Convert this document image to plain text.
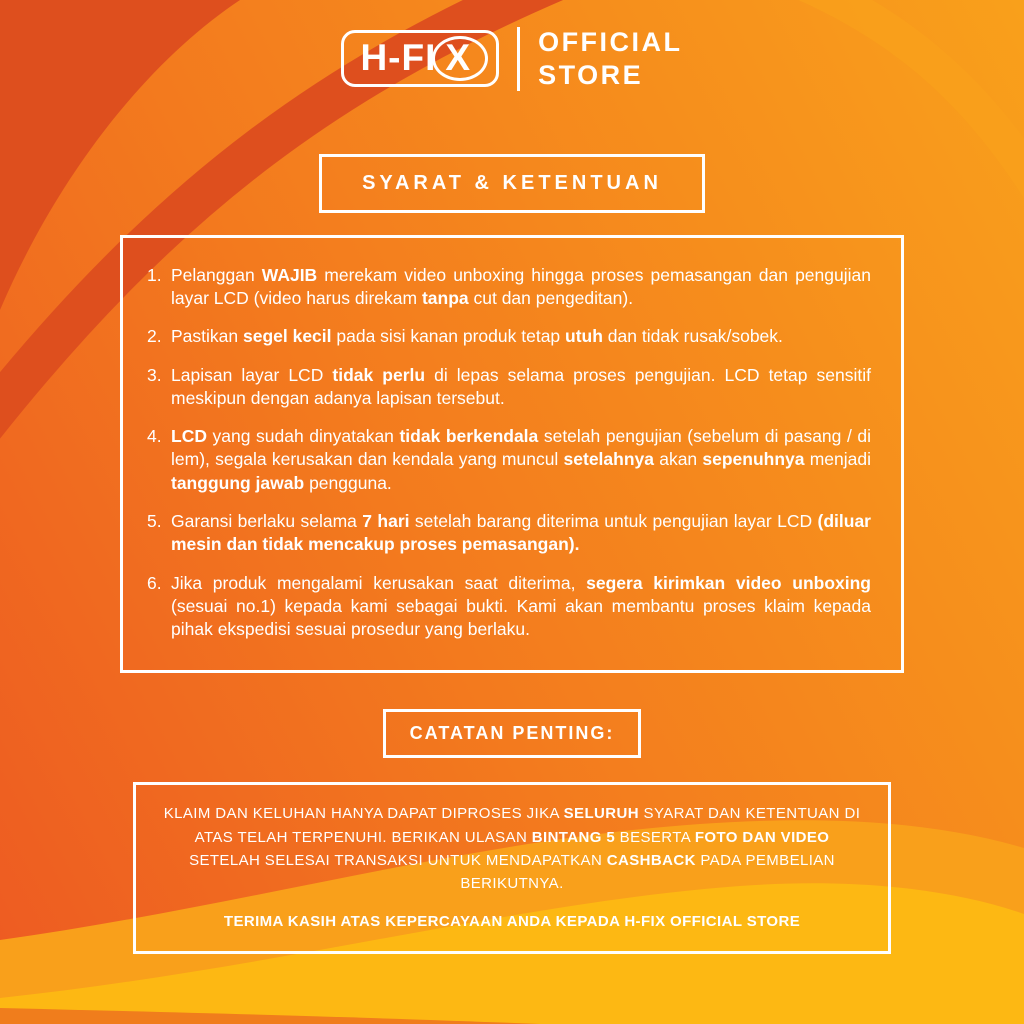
H-FI X	OFFICIAL
STORE
SYARAT & KETENTUAN
1. Pelanggan WAJIB merekam video unboxing hingga proses pemasangan dan pengujian layar LCD (video harus direkam tanpa cut dan pengeditan).
2. Pastikan segel kecil pada sisi kanan produk tetap utuh dan tidak rusak/sobek.
3. Lapisan layar LCD tidak perlu di lepas selama proses pengujian. LCD tetap sensitif meskipun dengan adanya lapisan tersebut.
4. LCD yang sudah dinyatakan tidak berkendala setelah pengujian (sebelum di pasang / di lem), segala kerusakan dan kendala yang muncul setelahnya akan sepenuhnya menjadi tanggung jawab pengguna.
5. Garansi berlaku selama 7 hari setelah barang diterima untuk pengujian layar LCD (diluar mesin dan tidak mencakup proses pemasangan).
6. Jika produk mengalami kerusakan saat diterima, segera kirimkan video unboxing (sesuai no.1) kepada kami sebagai bukti. Kami akan membantu proses klaim kepada pihak ekspedisi sesuai prosedur yang berlaku.
CATATAN PENTING:
KLAIM DAN KELUHAN HANYA DAPAT DIPROSES JIKA SELURUH SYARAT DAN KETENTUAN DI ATAS TELAH TERPENUHI. BERIKAN ULASAN BINTANG 5 BESERTA FOTO DAN VIDEO SETELAH SELESAI TRANSAKSI UNTUK MENDAPATKAN CASHBACK PADA PEMBELIAN BERIKUTNYA.
TERIMA KASIH ATAS KEPERCAYAAN ANDA KEPADA H-FIX OFFICIAL STORE
